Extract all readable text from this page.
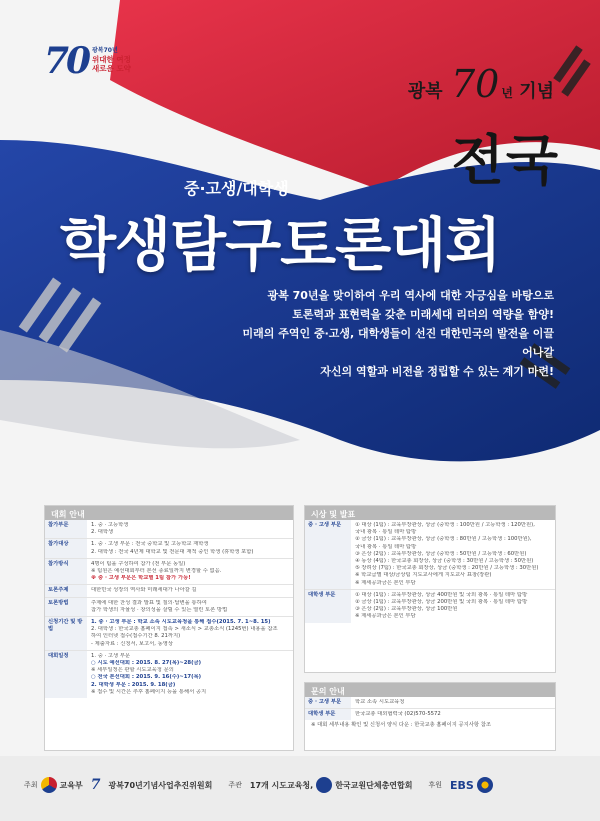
70 광복70년
위대한 여정
새로운 도약
광복 70 년 기념
전국
중·고생/대학생
학생탐구토론대회

광복 70년을 맞이하여 우리 역사에 대한 자긍심을 바탕으로

토론력과 표현력을 갖춘 미래세대 리더의 역량을 함양!

미래의 주역인 중·고생, 대학생들이 선진 대한민국의 발전을 이끌어나갈

자신의 역할과 비전을 정립할 수 있는 계기 마련!

대회 안내
참가부문	1. 중 · 고등학생
2. 대학생
참가대상	1. 중 · 고생 부문 : 전국 중학교 및 고등학교 재학생
2. 대학생 : 전국 4년제 대학교 및 전문대 재적 중인 학생 (휴학생 포함)
참가방식	4명이 팀을 구성하여 참가 (전 부문 동일)
※ 팀원은 예선대회부터 본선 종료일까지 변경할 수 없음.
※ 중 · 고생 부문은 학교별 1팀 참가 가능!
토론주제	대한민국 성장의 역사와 미래세대가 나아갈 길
토론방법	주제에 대한 찬성 결과 발표 및 질의·답변을 통하여
참가 학생의 자율성 · 창의성을 살릴 수 있는 열린 토론 방법
신청기간 및 방법
1. 중 · 고생 부문 : 학교 소속 시도교육청을 통해 접수(2015. 7. 1~8. 15)
2. 대학생 : 한국교총 홈페이지 접속 > 새소식 > 교총소식 (1245번) 내용을 참조
하여 인터넷 접수(접수기간 8. 21까지)
- 제출자료 : 신청서, 보고서, 동영상
대회일정	1. 중 · 고생 부문
○ 시도 예선대회 : 2015. 8. 27(목)~28(금)
※ 세부일정은 관할 시도교육청 문의
○ 전국 본선대회 : 2015. 9. 16(수)~17(목)
2. 대학생 부문 : 2015. 9. 18(금)
※ 접수 및 시간은 추후 홈페이지 등을 통해서 공지
시상 및 발표
중 · 고생 부문	① 대상 (1팀) : 교육부장관상, 상금 (중학생 : 100만원 / 고등학생 : 120만원),
국내 광복 · 통일 테마 탐방
② 금상 (1팀) : 교육부장관상, 상금 (중학생 : 80만원 / 고등학생 : 100만원),
국내 광복 · 통일 테마 탐방
③ 은상 (2팀) : 교육부장관상, 상금 (중학생 : 50만원 / 고등학생 : 60만원)
④ 동상 (4팀) : 한국교총 회장상, 상금 (중학생 : 30만원 / 고등학생 : 50만원)
⑤ 장려상 (7팀) : 한국교총 회장상, 상금 (중학생 : 20만원 / 고등학생 : 30만원)
※ 학교급별 대상/금상팀 지도교사에게 지도교사 표창(장관)
※ 제세공과금은 본인 부담
대학생 부문	① 대상 (1팀) : 교육부장관상, 상금 400만원 및 국외 광복 · 통일 테마 탐방
② 금상 (1팀) : 교육부장관상, 상금 200만원 및 국외 광복 · 통일 테마 탐방
③ 은상 (2팀) : 교육부장관상, 상금 100만원
※ 제세공과금은 본인 부담
문의 안내
중 · 고생 부문	학교 소속 시도교육청
대학생 부문	한국교총 대외협력국 (02)570-5572
※ 대회 세부내용 확인 및 신청서 양식 다운 : 한국교총 홈페이지 공지사항 참조
주최	교육부 7 광복70년기념사업추진위원회 주관 17개 시도교육청,	한국교원단체총연합회 후원 EBS
